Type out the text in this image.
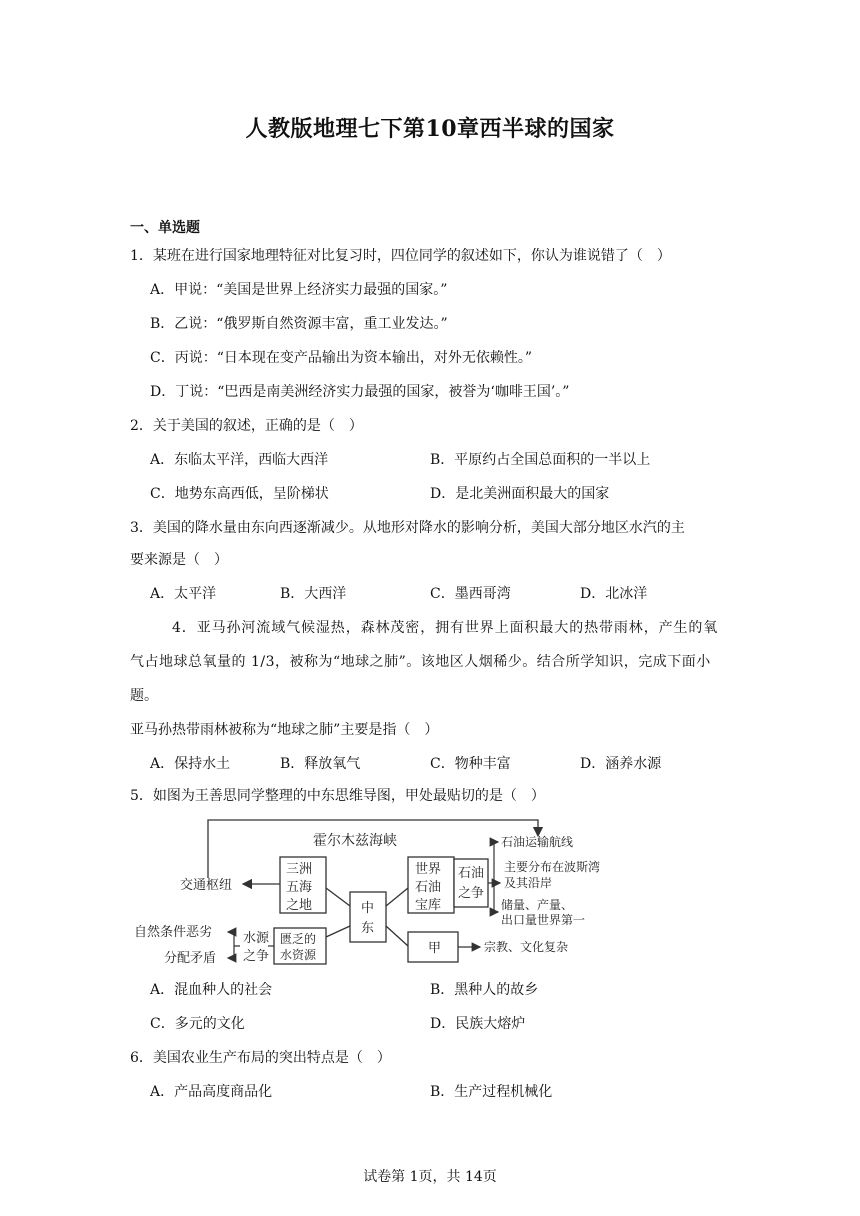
人教版地理七下第10章西半球的国家
一、单选题
1．某班在进行国家地理特征对比复习时，四位同学的叙述如下，你认为谁说错了（　）
A．甲说：“美国是世界上经济实力最强的国家。”
B．乙说：“俄罗斯自然资源丰富，重工业发达。”
C．丙说：“日本现在变产品输出为资本输出，对外无依赖性。”
D．丁说：“巴西是南美洲经济实力最强的国家，被誉为‘咖啡王国’。”
2．关于美国的叙述，正确的是（　）
A．东临太平洋，西临大西洋	B．平原约占全国总面积的一半以上
C．地势东高西低，呈阶梯状	D．是北美洲面积最大的国家
3．美国的降水量由东向西逐渐减少。从地形对降水的影响分析，美国大部分地区水汽的主
要来源是（　）
A．太平洋	B．大西洋	C．墨西哥湾	D．北冰洋
4．亚马孙河流域气候湿热，森林茂密，拥有世界上面积最大的热带雨林，产生的氧
气占地球总氧量的 1/3，被称为“地球之肺”。该地区人烟稀少。结合所学知识，完成下面小
题。
亚马孙热带雨林被称为“地球之肺”主要是指（　）
A．保持水土	B．释放氧气	C．物种丰富	D．涵养水源
5．如图为王善思同学整理的中东思维导图，甲处最贴切的是（　）
霍尔木兹海峡
三洲
五海
之地
交通枢纽
中
东
世界
石油
宝库
石油
之争
石油运输航线
主要分布在波斯湾
及其沿岸
储量、产量、
出口量世界第一
匮乏的
水资源
水源
之争
自然条件恶劣
分配矛盾
甲	宗教、文化复杂
A．混血种人的社会	B．黑种人的故乡
C．多元的文化	D．民族大熔炉
6．美国农业生产布局的突出特点是（　）
A．产品高度商品化	B．生产过程机械化
试卷第 1页，共 14页
